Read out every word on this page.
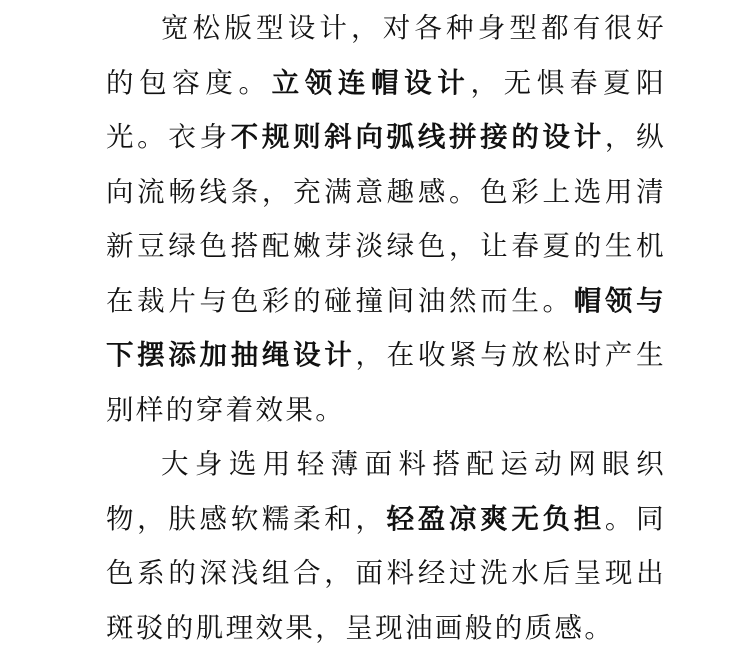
宽松版型设计，对各种身型都有很好的包容度。立领连帽设计，无惧春夏阳光。衣身不规则斜向弧线拼接的设计，纵向流畅线条，充满意趣感。色彩上选用清新豆绿色搭配嫩芽淡绿色，让春夏的生机在裁片与色彩的碰撞间油然而生。帽领与下摆添加抽绳设计，在收紧与放松时产生别样的穿着效果。

大身选用轻薄面料搭配运动网眼织物，肤感软糯柔和，轻盈凉爽无负担。同色系的深浅组合，面料经过洗水后呈现出斑驳的肌理效果，呈现油画般的质感。
